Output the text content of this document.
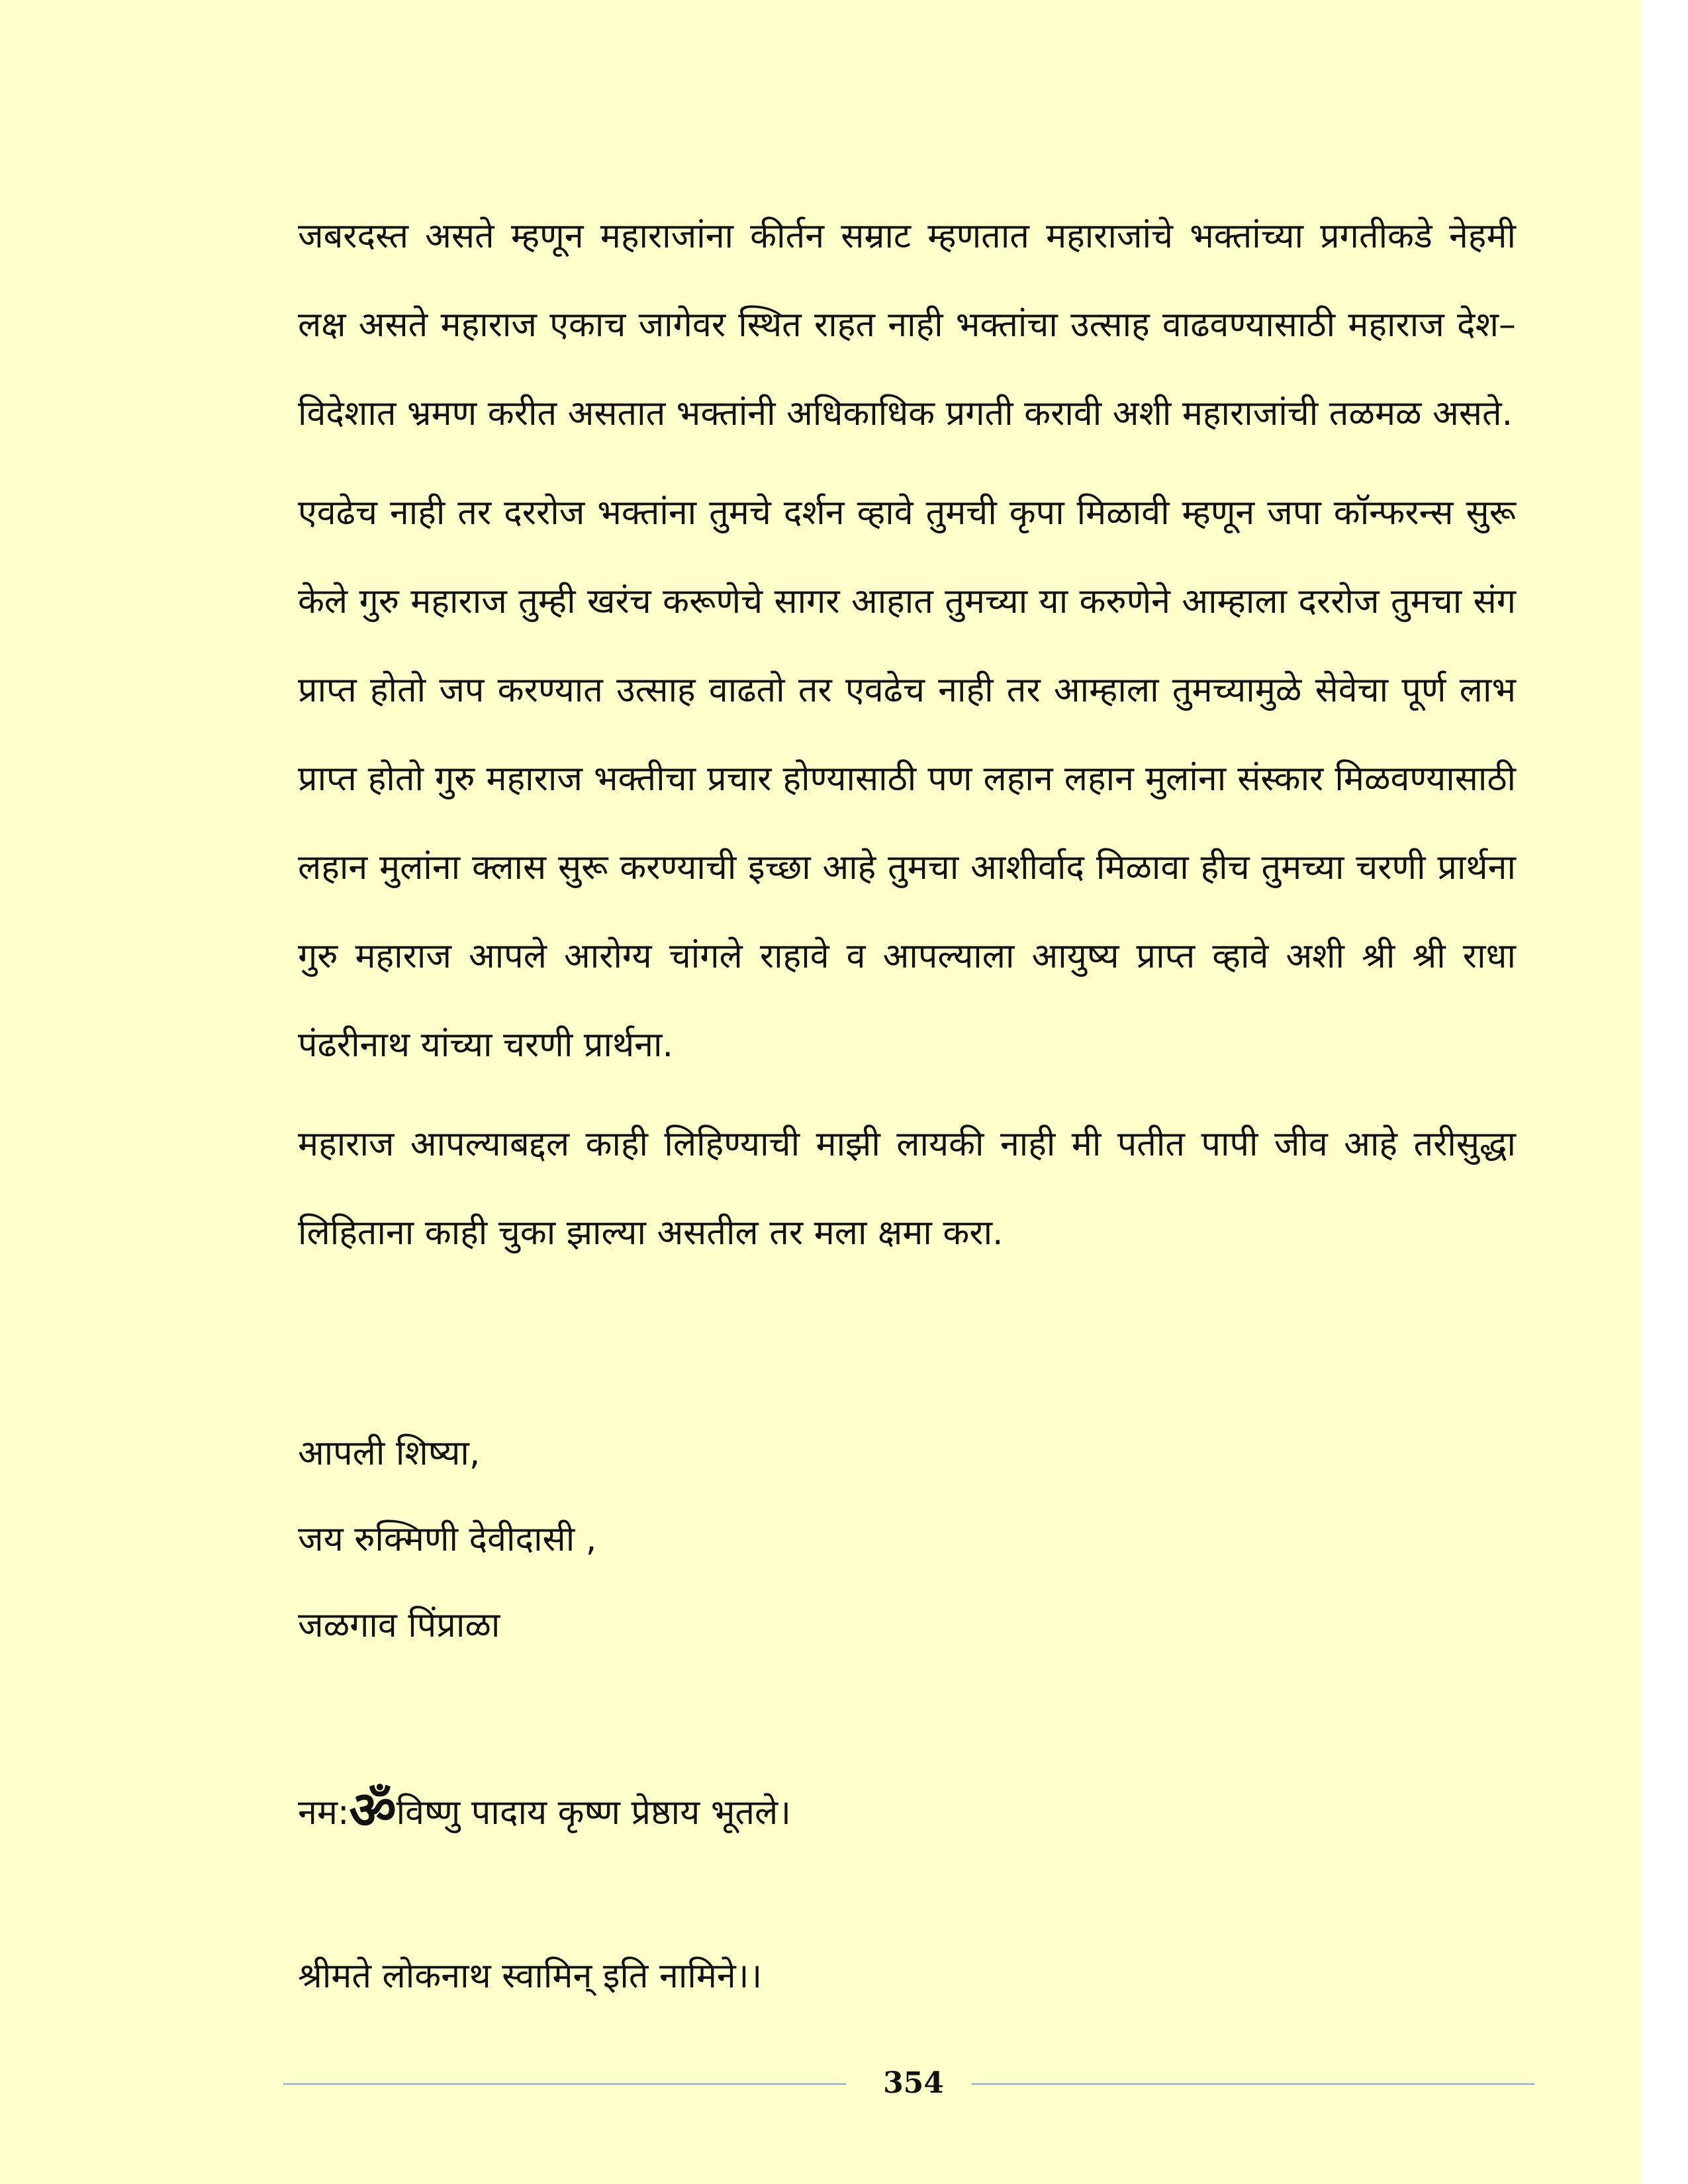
जबरदस्त असते म्हणून महाराजांना कीर्तन सम्राट म्हणतात महाराजांचे भक्तांच्या प्रगतीकडे नेहमी लक्ष असते महाराज एकाच जागेवर स्थित राहत नाही भक्तांचा उत्साह वाढवण्यासाठी महाराज देश–विदेशात भ्रमण करीत असतात भक्तांनी अधिकाधिक प्रगती करावी अशी महाराजांची तळमळ असते.

एवढेच नाही तर दररोज भक्तांना तुमचे दर्शन व्हावे तुमची कृपा मिळावी म्हणून जपा कॉन्फरन्स सुरू केले गुरु महाराज तुम्ही खरंच करूणेचे सागर आहात तुमच्या या करुणेने आम्हाला दररोज तुमचा संग प्राप्त होतो जप करण्यात उत्साह वाढतो तर एवढेच नाही तर आम्हाला तुमच्यामुळे सेवेचा पूर्ण लाभ प्राप्त होतो गुरु महाराज भक्तीचा प्रचार होण्यासाठी पण लहान लहान मुलांना संस्कार मिळवण्यासाठी लहान मुलांना क्लास सुरू करण्याची इच्छा आहे तुमचा आशीर्वाद मिळावा हीच तुमच्या चरणी प्रार्थना गुरु महाराज आपले आरोग्य चांगले राहावे व आपल्याला आयुष्य प्राप्त व्हावे अशी श्री श्री राधा पंढरीनाथ यांच्या चरणी प्रार्थना.

महाराज आपल्याबद्दल काही लिहिण्याची माझी लायकी नाही मी पतीत पापी जीव आहे तरीसुद्धा लिहिताना काही चुका झाल्या असतील तर मला क्षमा करा.

आपली शिष्या,
जय रुक्मिणी देवीदासी ,
जळगाव पिंप्राळा
नम:ॐविष्णु पादाय कृष्ण प्रेष्ठाय भूतले।
श्रीमते लोकनाथ स्वामिन् इति नामिने।।
354
